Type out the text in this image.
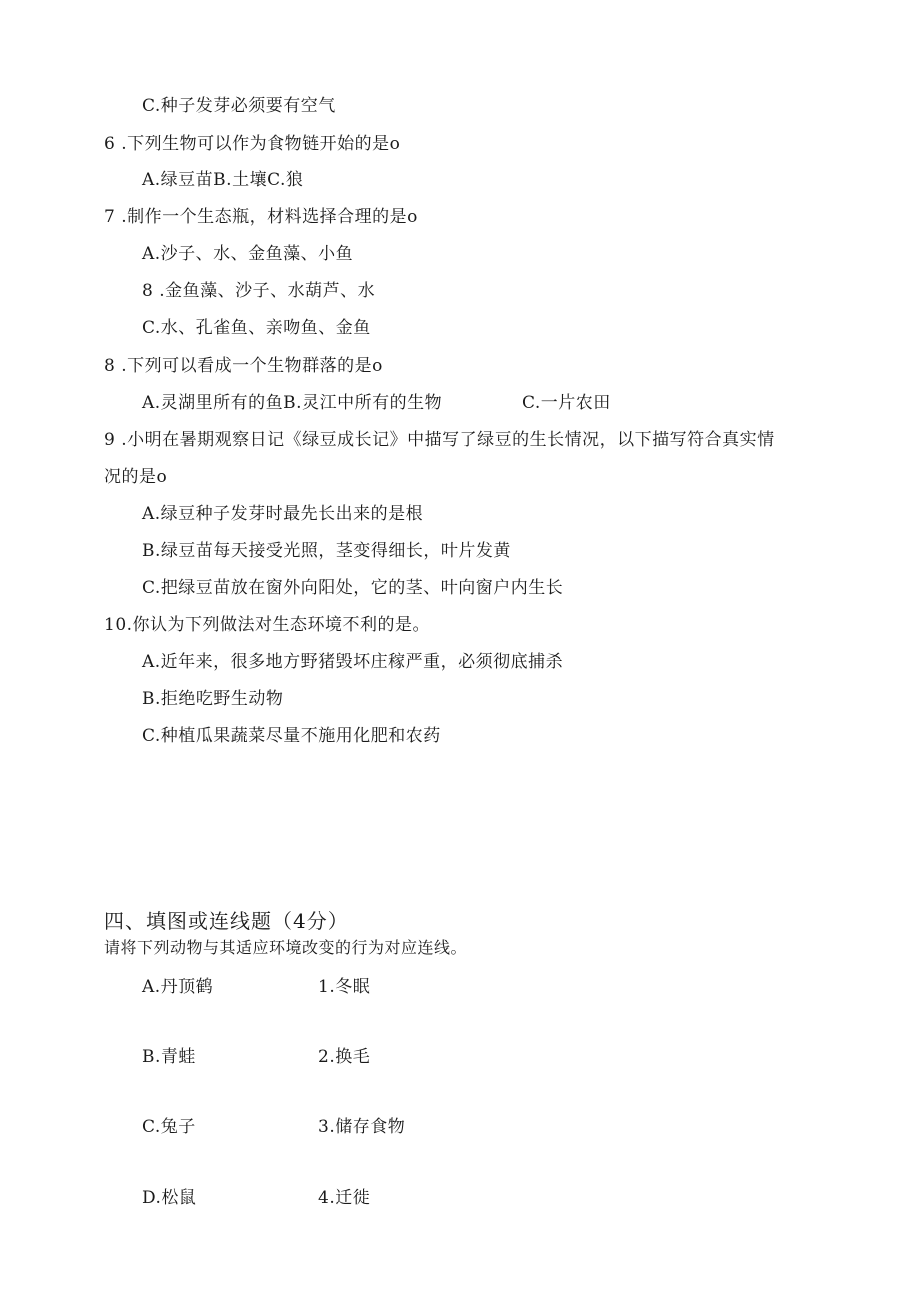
C.种子发芽必须要有空气
6 .下列生物可以作为食物链开始的是o
A.绿豆苗B.土壤C.狼
7 .制作一个生态瓶，材料选择合理的是o
A.沙子、水、金鱼藻、小鱼
8 .金鱼藻、沙子、水葫芦、水
C.水、孔雀鱼、亲吻鱼、金鱼
8 .下列可以看成一个生物群落的是o
A.灵湖里所有的鱼B.灵江中所有的生物	C.一片农田
9 .小明在暑期观察日记《绿豆成长记》中描写了绿豆的生长情况，以下描写符合真实情
况的是o
A.绿豆种子发芽时最先长出来的是根
B.绿豆苗每天接受光照，茎变得细长，叶片发黄
C.把绿豆苗放在窗外向阳处，它的茎、叶向窗户内生长
10.你认为下列做法对生态环境不利的是。
A.近年来，很多地方野猪毁坏庄稼严重，必须彻底捕杀
B.拒绝吃野生动物
C.种植瓜果蔬菜尽量不施用化肥和农药
四、填图或连线题（4分）
请将下列动物与其适应环境改变的行为对应连线。
A.丹顶鹤	1.冬眠
B.青蛙	2.换毛
C.兔子	3.储存食物
D.松鼠	4.迁徙
